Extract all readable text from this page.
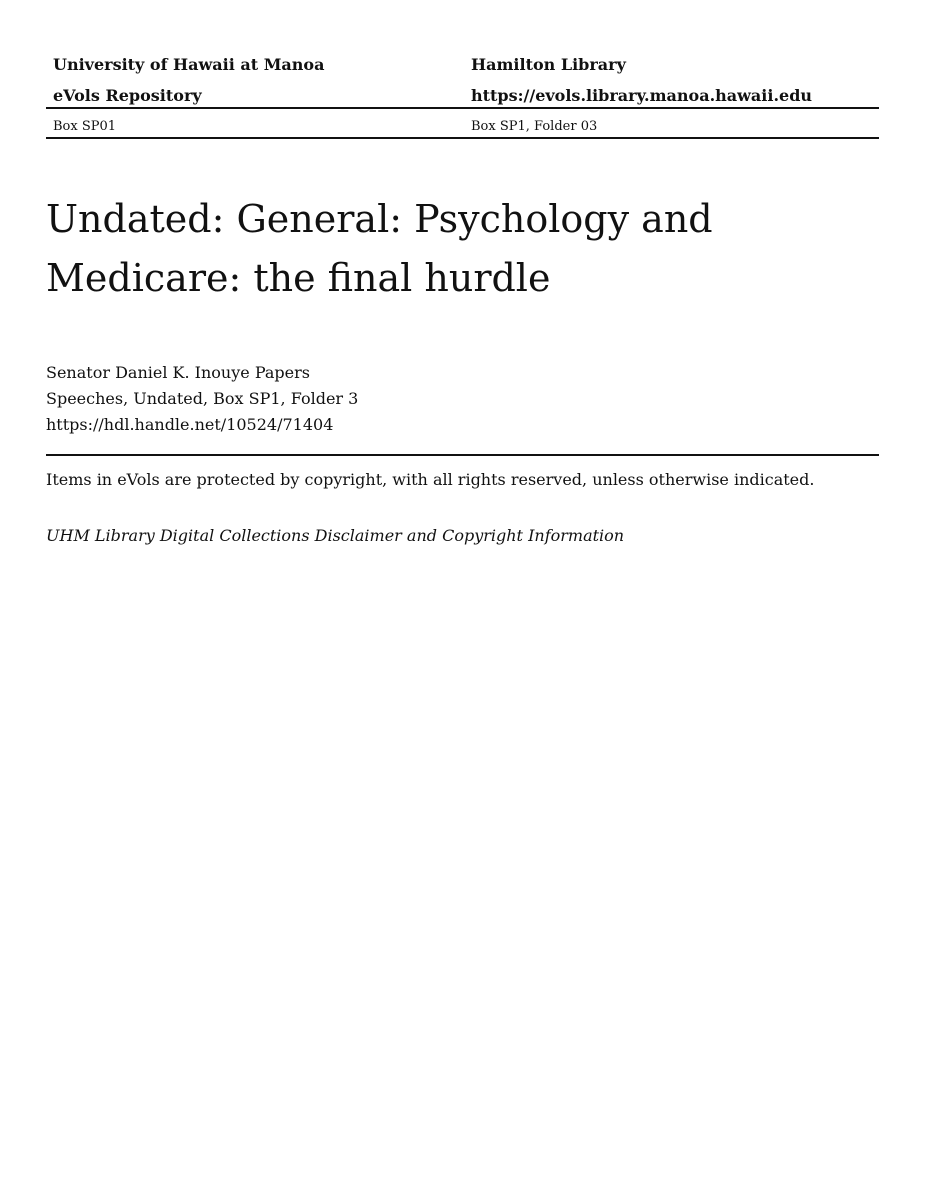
University of Hawaii at Manoa	Hamilton Library
eVols Repository	https://evols.library.manoa.hawaii.edu
Box SP01	Box SP1, Folder 03
Undated: General: Psychology and
Medicare: the final hurdle
Senator Daniel K. Inouye Papers
Speeches, Undated, Box SP1, Folder 3
https://hdl.handle.net/10524/71404
Items in eVols are protected by copyright, with all rights reserved, unless otherwise indicated.
UHM Library Digital Collections Disclaimer and Copyright Information
